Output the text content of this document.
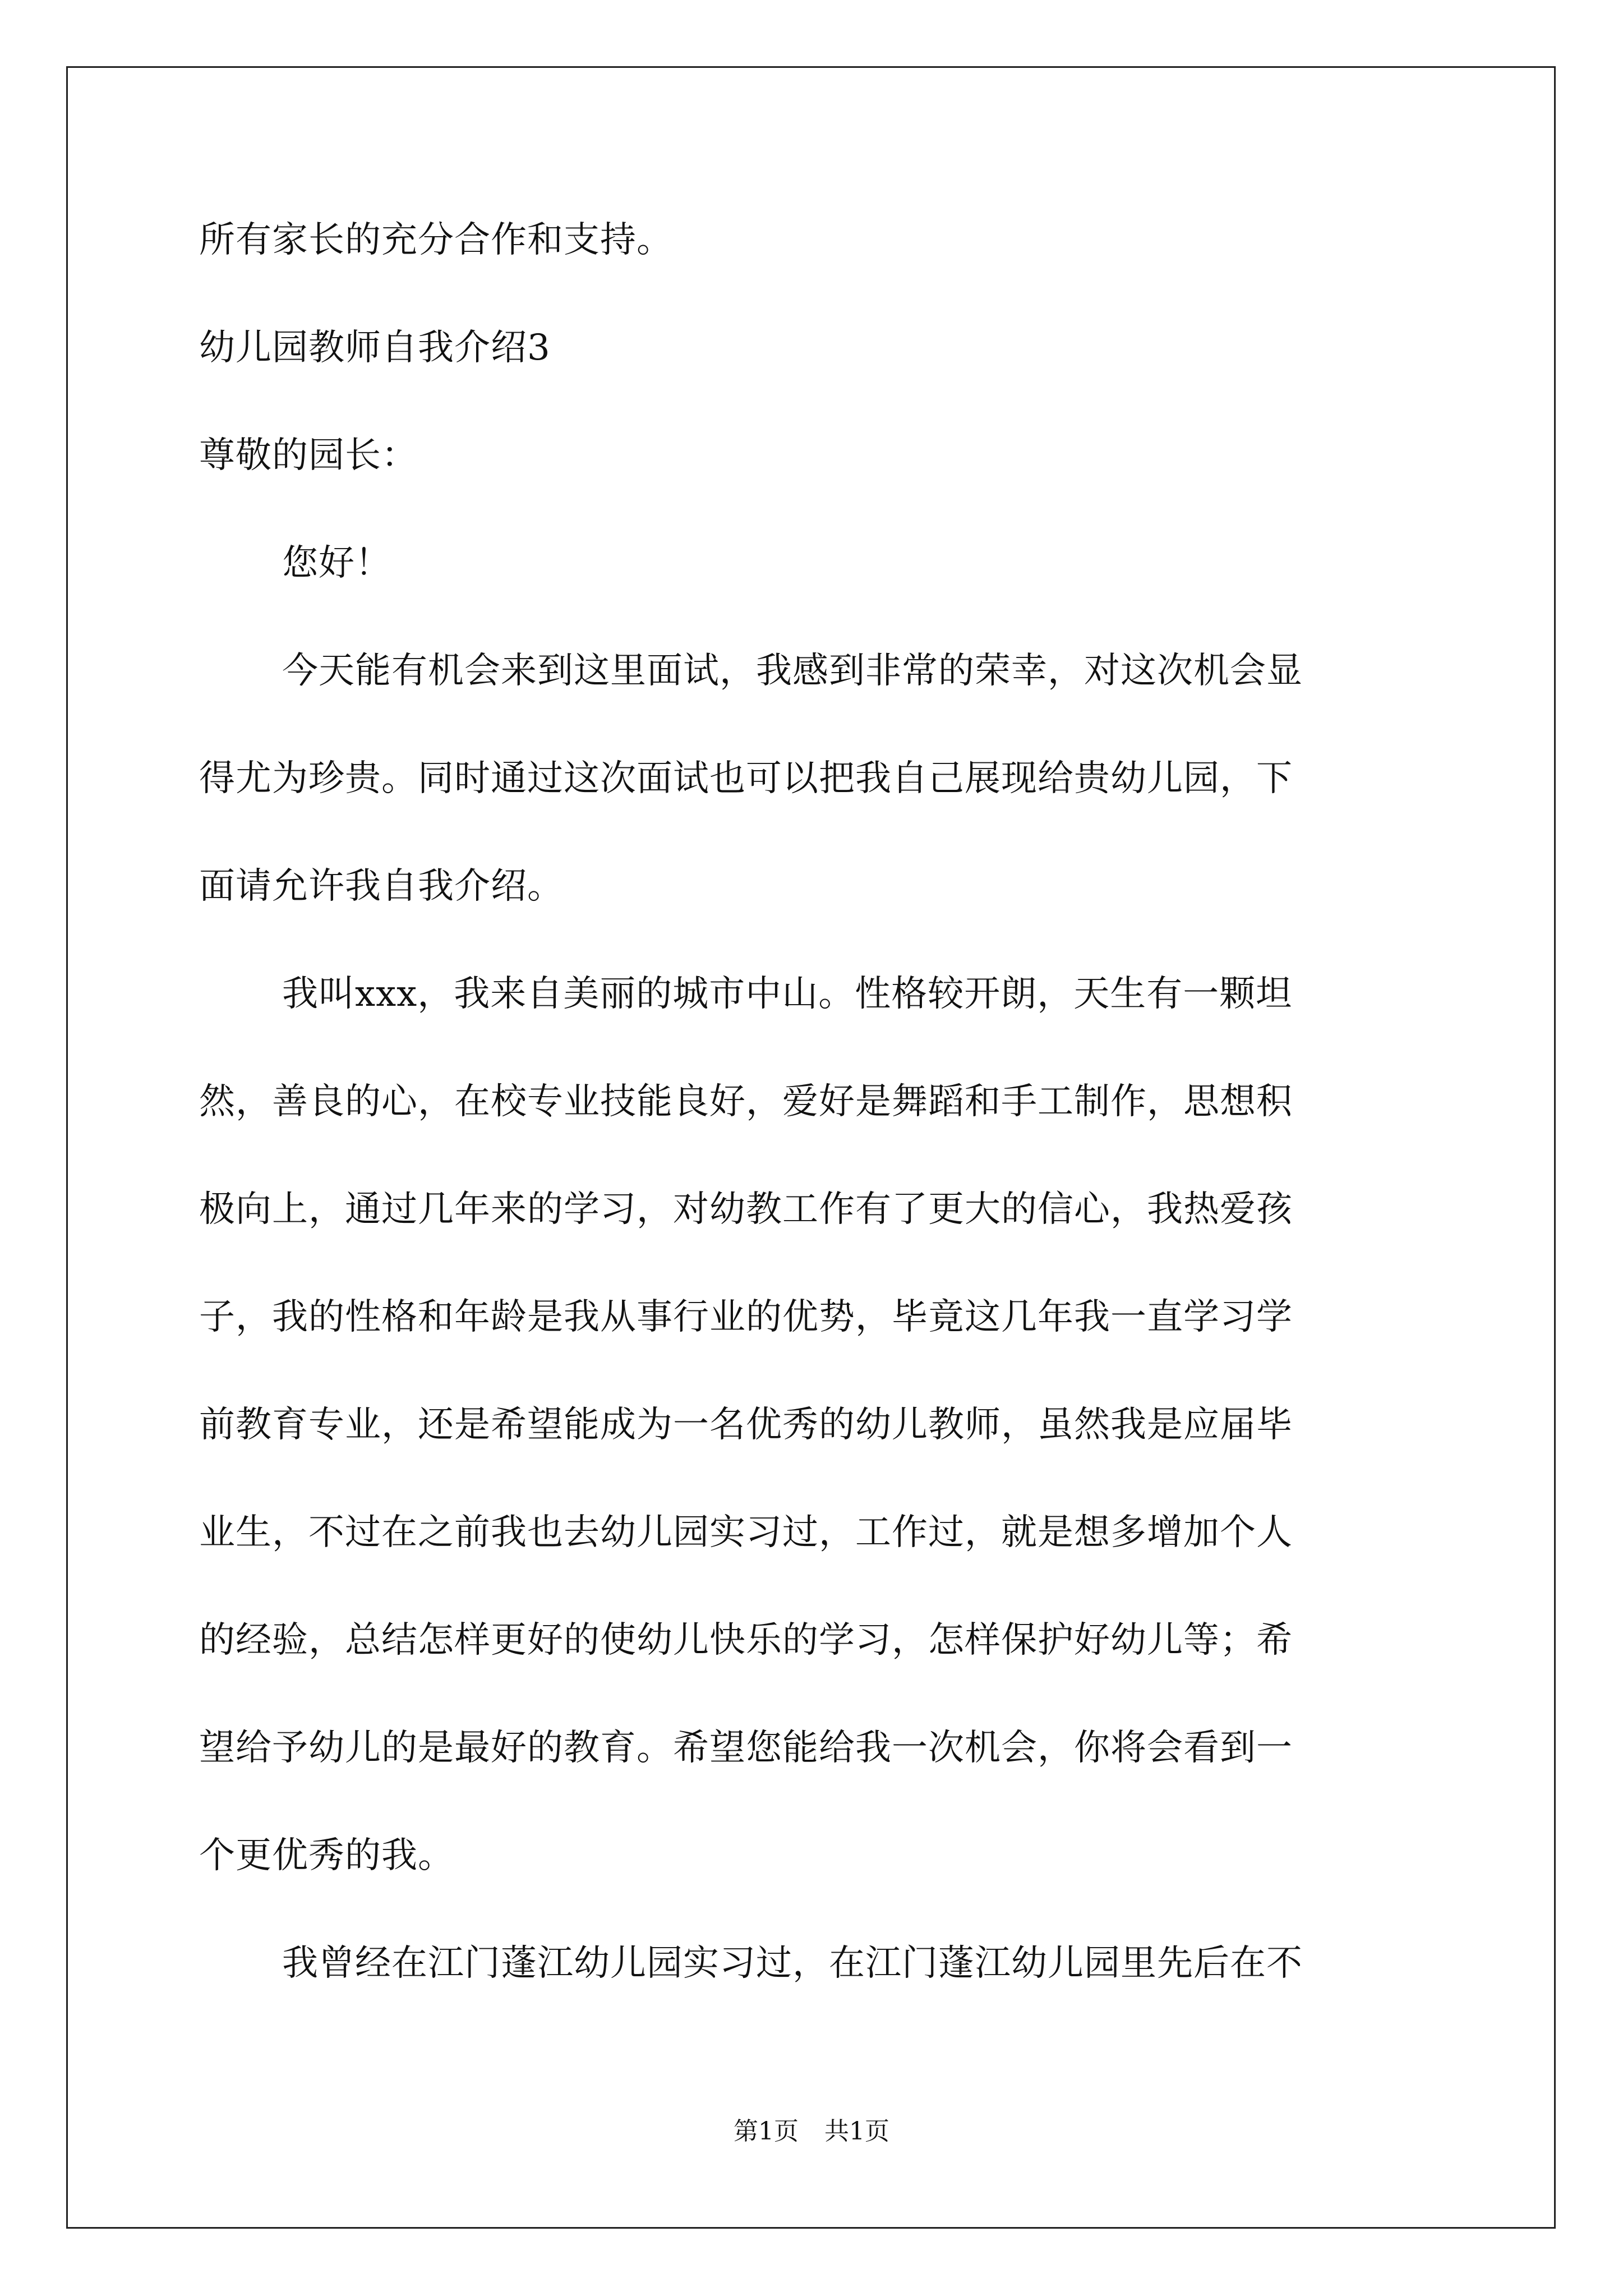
所有家长的充分合作和支持。

幼儿园教师自我介绍3

尊敬的园长：

您好！

今天能有机会来到这里面试，我感到非常的荣幸，对这次机会显

得尤为珍贵。同时通过这次面试也可以把我自己展现给贵幼儿园，下

面请允许我自我介绍。

我叫xxx，我来自美丽的城市中山。性格较开朗，天生有一颗坦

然，善良的心，在校专业技能良好，爱好是舞蹈和手工制作，思想积

极向上，通过几年来的学习，对幼教工作有了更大的信心，我热爱孩

子，我的性格和年龄是我从事行业的优势，毕竟这几年我一直学习学

前教育专业，还是希望能成为一名优秀的幼儿教师，虽然我是应届毕

业生，不过在之前我也去幼儿园实习过，工作过，就是想多增加个人

的经验，总结怎样更好的使幼儿快乐的学习，怎样保护好幼儿等；希

望给予幼儿的是最好的教育。希望您能给我一次机会，你将会看到一

个更优秀的我。

我曾经在江门蓬江幼儿园实习过，在江门蓬江幼儿园里先后在不

第1页 共1页
